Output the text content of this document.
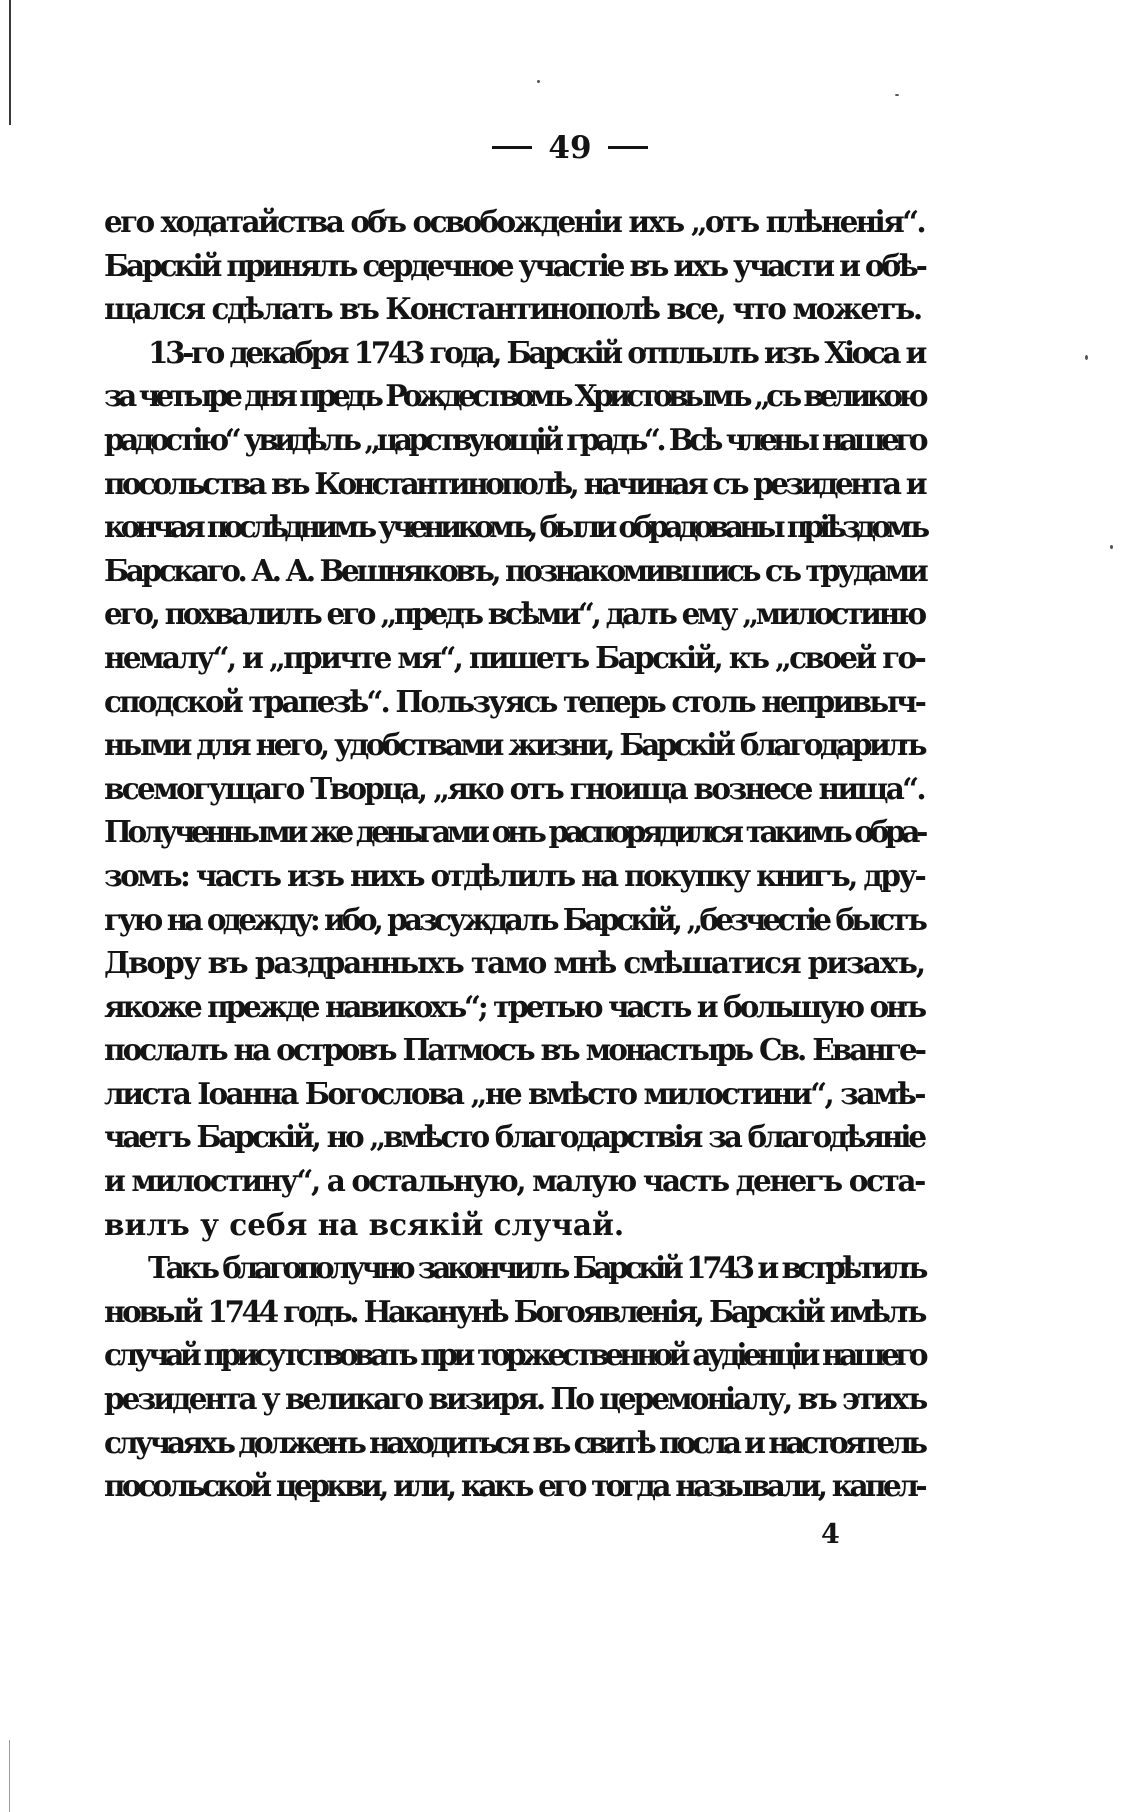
49
его ходатайства объ освобожденіи ихъ „отъ плѣненія“.
Барскій принялъ сердечное участіе въ ихъ участи и обѣ-
щался сдѣлать въ Константинополѣ все, что можетъ.
13-го декабря 1743 года, Барскій отплылъ изъ Хіоса и
за четыре дня предъ Рождествомъ Христовымъ „съ великою
радостію“ увидѣлъ „царствующій градъ“. Всѣ члены нашего
посольства въ Константинополѣ, начиная съ резидента и
кончая послѣднимъ ученикомъ, были обрадованы пріѣздомъ
Барскаго. А. А. Вешняковъ, познакомившись съ трудами
его, похвалилъ его „предъ всѣми“, далъ ему „милостиню
немалу“, и „причте мя“, пишетъ Барскій, къ „своей го-
сподской трапезѣ“. Пользуясь теперь столь непривыч-
ными для него, удобствами жизни, Барскій благодарилъ
всемогущаго Творца, „яко отъ гноища вознесе нища“.
Полученными же деньгами онъ распорядился такимъ обра-
зомъ: часть изъ нихъ отдѣлилъ на покупку книгъ, дру-
гую на одежду: ибо, разсуждалъ Барскій, „безчестіе быстъ
Двору въ раздранныхъ тамо мнѣ смѣшатися ризахъ,
якоже прежде навикохъ“; третью часть и большую онъ
послалъ на островъ Патмосъ въ монастырь Св. Еванге-
листа Іоанна Богослова „не вмѣсто милостини“, замѣ-
чаетъ Барскій, но „вмѣсто благодарствія за благодѣяніе
и милостину“, а остальную, малую часть денегъ оста-
вилъ у себя на всякій случай.
Такъ благополучно закончилъ Барскій 1743 и встрѣтилъ
новый 1744 годъ. Наканунѣ Богоявленія, Барскій имѣлъ
случай присутствовать при торжественной аудіенціи нашего
резидента у великаго визиря. По церемоніалу, въ этихъ
случаяхъ долженъ находиться въ свитѣ посла и настоятель
посольской церкви, или, какъ его тогда называли, капел-
4
